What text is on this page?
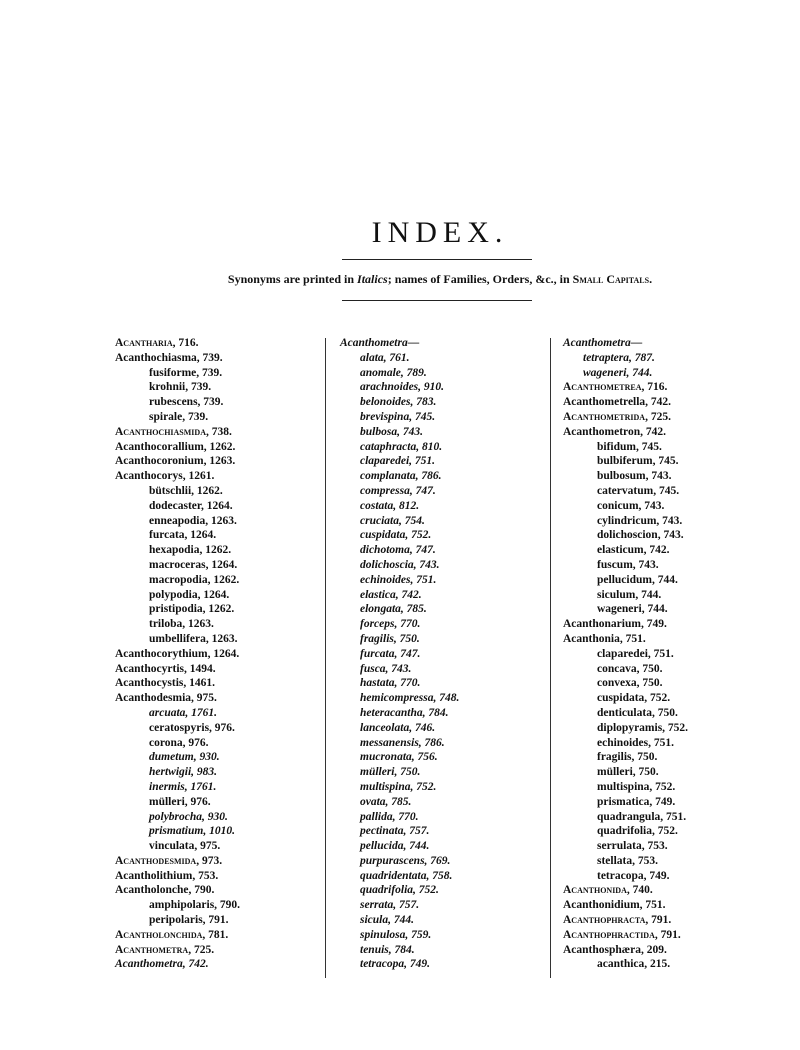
INDEX.
Synonyms are printed in Italics; names of Families, Orders, &c., in Small Capitals.
Acantharia, 716.
Acanthochiasma, 739.
fusiforme, 739.
krohnii, 739.
rubescens, 739.
spirale, 739.
Acanthochiasmida, 738.
Acanthocorallium, 1262.
Acanthocoronium, 1263.
Acanthocorys, 1261.
bütschlii, 1262.
dodecaster, 1264.
enneapodia, 1263.
furcata, 1264.
hexapodia, 1262.
macroceras, 1264.
macropodia, 1262.
polypodia, 1264.
pristipodia, 1262.
triloba, 1263.
umbellifera, 1263.
Acanthocorythium, 1264.
Acanthocyrtis, 1494.
Acanthocystis, 1461.
Acanthodesmia, 975.
arcuata, 1761.
ceratospyris, 976.
corona, 976.
dumetum, 930.
hertwigii, 983.
inermis, 1761.
mülleri, 976.
polybrocha, 930.
prismatium, 1010.
vinculata, 975.
Acanthodesmida, 973.
Acantholithium, 753.
Acantholonche, 790.
amphipolaris, 790.
peripolaris, 791.
Acantholonchida, 781.
Acanthometra, 725.
Acanthometra, 742.
Acanthometra—
alata, 761.
anomale, 789.
arachnoides, 910.
belonoides, 783.
brevispina, 745.
bulbosa, 743.
cataphracta, 810.
claparedei, 751.
complanata, 786.
compressa, 747.
costata, 812.
cruciata, 754.
cuspidata, 752.
dichotoma, 747.
dolichoscia, 743.
echinoides, 751.
elastica, 742.
elongata, 785.
forceps, 770.
fragilis, 750.
furcata, 747.
fusca, 743.
hastata, 770.
hemicompressa, 748.
heteracantha, 784.
lanceolata, 746.
messanensis, 786.
mucronata, 756.
mülleri, 750.
multispina, 752.
ovata, 785.
pallida, 770.
pectinata, 757.
pellucida, 744.
purpurascens, 769.
quadridentata, 758.
quadrifolia, 752.
serrata, 757.
sicula, 744.
spinulosa, 759.
tenuis, 784.
tetracopa, 749.
Acanthometra—
tetraptera, 787.
wageneri, 744.
Acanthometrea, 716.
Acanthometrella, 742.
Acanthometrida, 725.
Acanthometron, 742.
bifidum, 745.
bulbiferum, 745.
bulbosum, 743.
catervatum, 745.
conicum, 743.
cylindricum, 743.
dolichoscion, 743.
elasticum, 742.
fuscum, 743.
pellucidum, 744.
siculum, 744.
wageneri, 744.
Acanthonarium, 749.
Acanthonia, 751.
claparedei, 751.
concava, 750.
convexa, 750.
cuspidata, 752.
denticulata, 750.
diplopyramis, 752.
echinoides, 751.
fragilis, 750.
mülleri, 750.
multispina, 752.
prismatica, 749.
quadrangula, 751.
quadrifolia, 752.
serrulata, 753.
stellata, 753.
tetracopa, 749.
Acanthonida, 740.
Acanthonidium, 751.
Acanthophracta, 791.
Acanthophractida, 791.
Acanthosphæra, 209.
acanthica, 215.
